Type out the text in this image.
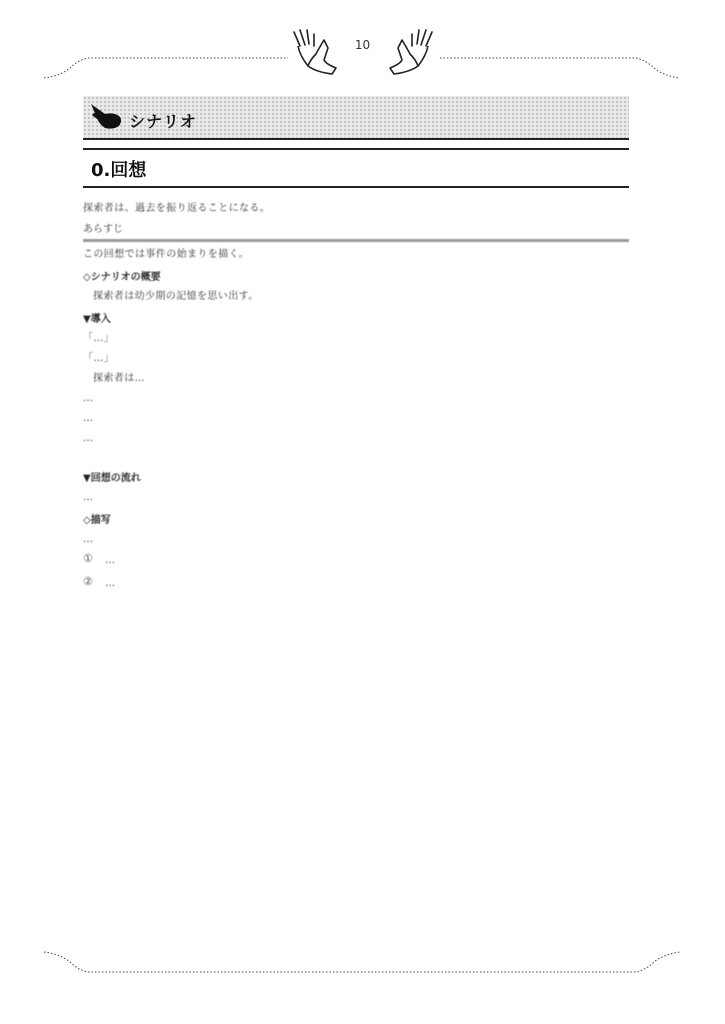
10
シナリオ
0.回想

探索者は、過去を振り返ることになる。

あらすじ

この回想では事件の始まりを描く。

◇シナリオの概要

探索者は幼少期の記憶を思い出す。

▼導入

「…」

「…」

探索者は…

…

…

…

▼回想の流れ

…

◇描写

…

①	…

②	…
